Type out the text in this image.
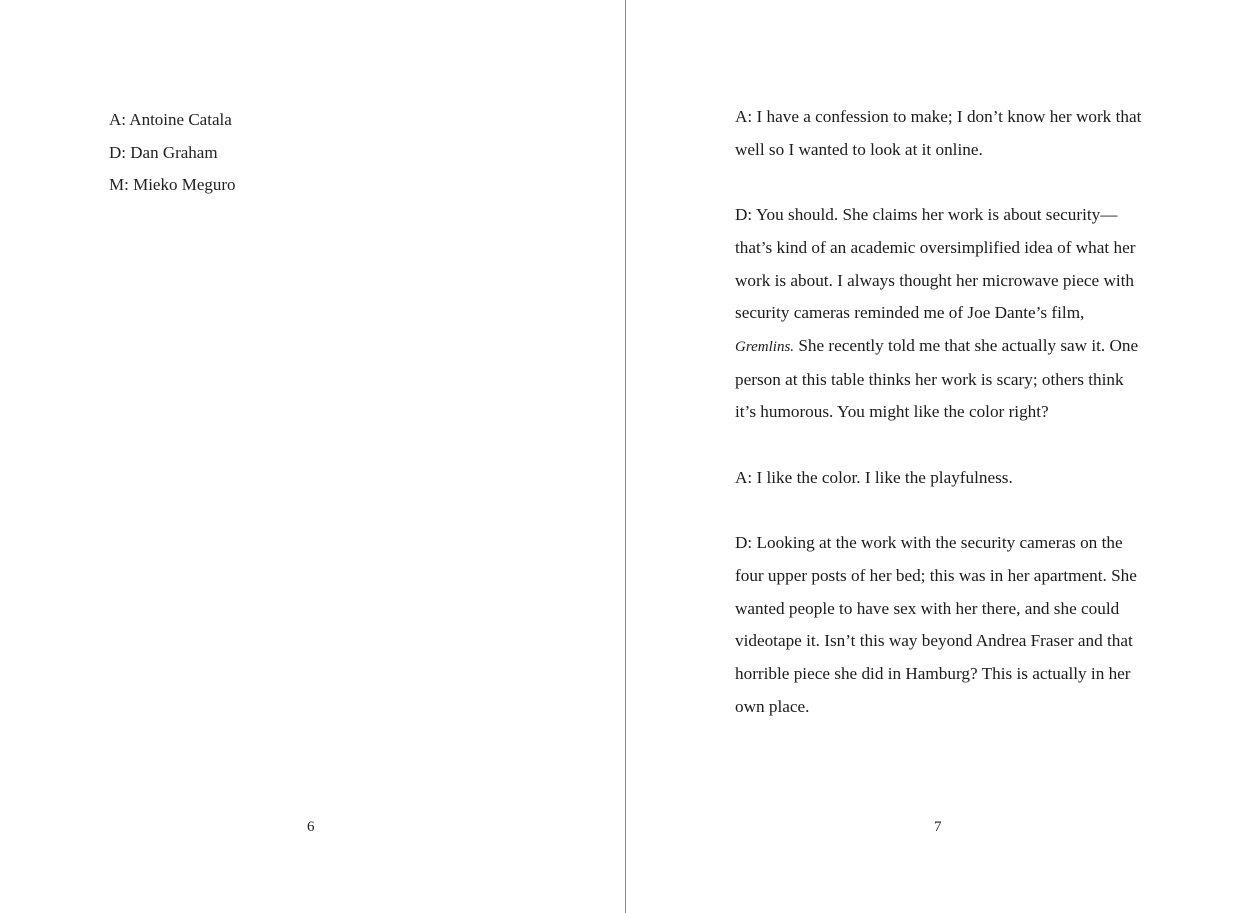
A: Antoine Catala
D: Dan Graham
M: Mieko Meguro
6

A: I have a confession to make; I don’t know her work that well so I wanted to look at it online.

D: You should. She claims her work is about security—that’s kind of an academic oversimplified idea of what her work is about. I always thought her microwave piece with security cameras reminded me of Joe Dante’s film, Gremlins. She recently told me that she actually saw it. One person at this table thinks her work is scary; others think it’s humorous. You might like the color right?

A: I like the color. I like the playfulness.

D: Looking at the work with the security cameras on the four upper posts of her bed; this was in her apartment. She wanted people to have sex with her there, and she could videotape it. Isn’t this way beyond Andrea Fraser and that horrible piece she did in Hamburg? This is actually in her own place.

7
